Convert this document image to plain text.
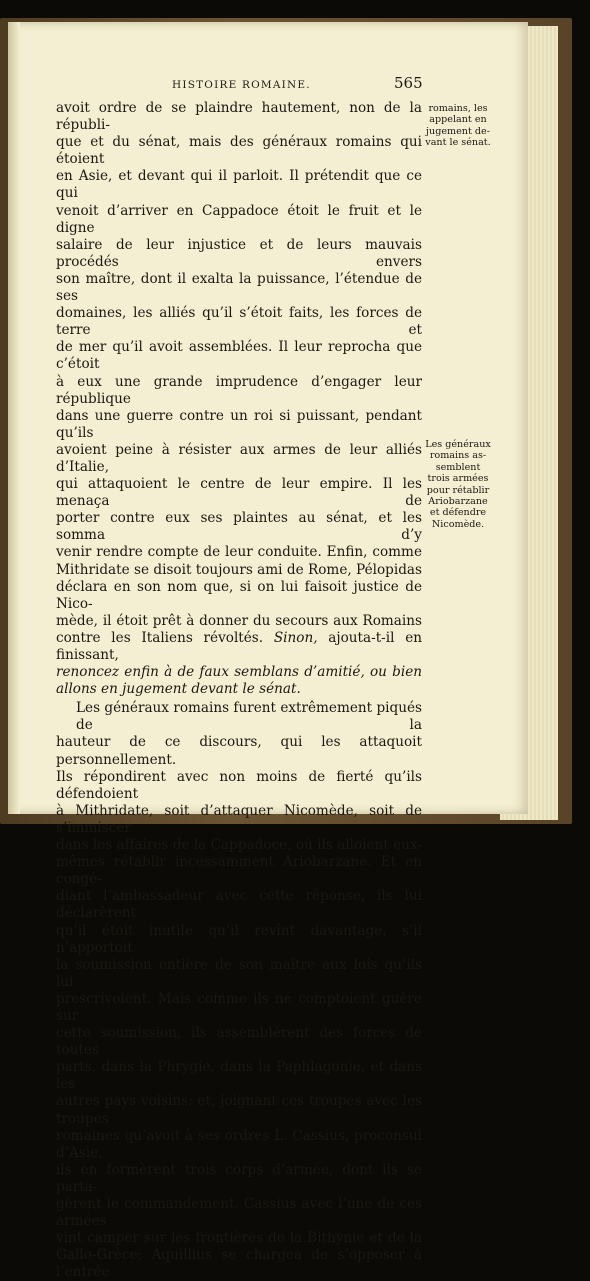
HISTOIRE ROMAINE.	565

avoit ordre de se plaindre hautement, non de la républi-

que et du sénat, mais des généraux romains qui étoient

en Asie, et devant qui il parloit. Il prétendit que ce qui

venoit d’arriver en Cappadoce étoit le fruit et le digne

salaire de leur injustice et de leurs mauvais procédés envers

son maître, dont il exalta la puissance, l’étendue de ses

domaines, les alliés qu’il s’étoit faits, les forces de terre et

de mer qu’il avoit assemblées. Il leur reprocha que c’étoit

à eux une grande imprudence d’engager leur république

dans une guerre contre un roi si puissant, pendant qu’ils

avoient peine à résister aux armes de leur alliés d’Italie,

qui attaquoient le centre de leur empire. Il les menaça de

porter contre eux ses plaintes au sénat, et les somma d’y

venir rendre compte de leur conduite. Enfin, comme

Mithridate se disoit toujours ami de Rome, Pélopidas

déclara en son nom que, si on lui faisoit justice de Nico-

mède, il étoit prêt à donner du secours aux Romains

contre les Italiens révoltés. Sinon, ajouta-t-il en finissant,

renoncez enfin à de faux semblans d’amitié, ou bien

allons en jugement devant le sénat.

Les généraux romains furent extrêmement piqués de la

hauteur de ce discours, qui les attaquoit personnellement.

Ils répondirent avec non moins de fierté qu’ils défendoient

à Mithridate, soit d’attaquer Nicomède, soit de s’immiscer

dans les affaires de la Cappadoce, où ils alloient eux-

mêmes rétablir incessamment Ariobarzane. Et en congé-

diant l’ambassadeur avec cette réponse, ils lui déclarèrent

qu’il étoit inutile qu’il revînt davantage, s’il n’apportoit

la soumission entière de son maître aux lois qu’ils lui

prescrivoient. Mais comme ils ne comptoient guère sur

cette soumission, ils assemblèrent des forces de toutes

parts, dans la Phrygie, dans la Paphlagonie, et dans les

autres pays voisins; et, joignant ces troupes avec les troupes

romaines qu’avoit à ses ordres L. Cassius, proconsul d’Asie,

ils en formèrent trois corps d’armée, dont ils se parta-

gèrent le commandement. Cassius avec l’une de ces armées

vint camper sur les frontières de la Bithynie et de la

Gallo-Grèce; Aquillius se chargea de s’opposer à l’entrée

romains, les

appelant en

jugement de-

vant le sénat.

Les généraux

romains as-

semblent

trois armées

pour rétablir

Ariobarzane

et défendre

Nicomède.
